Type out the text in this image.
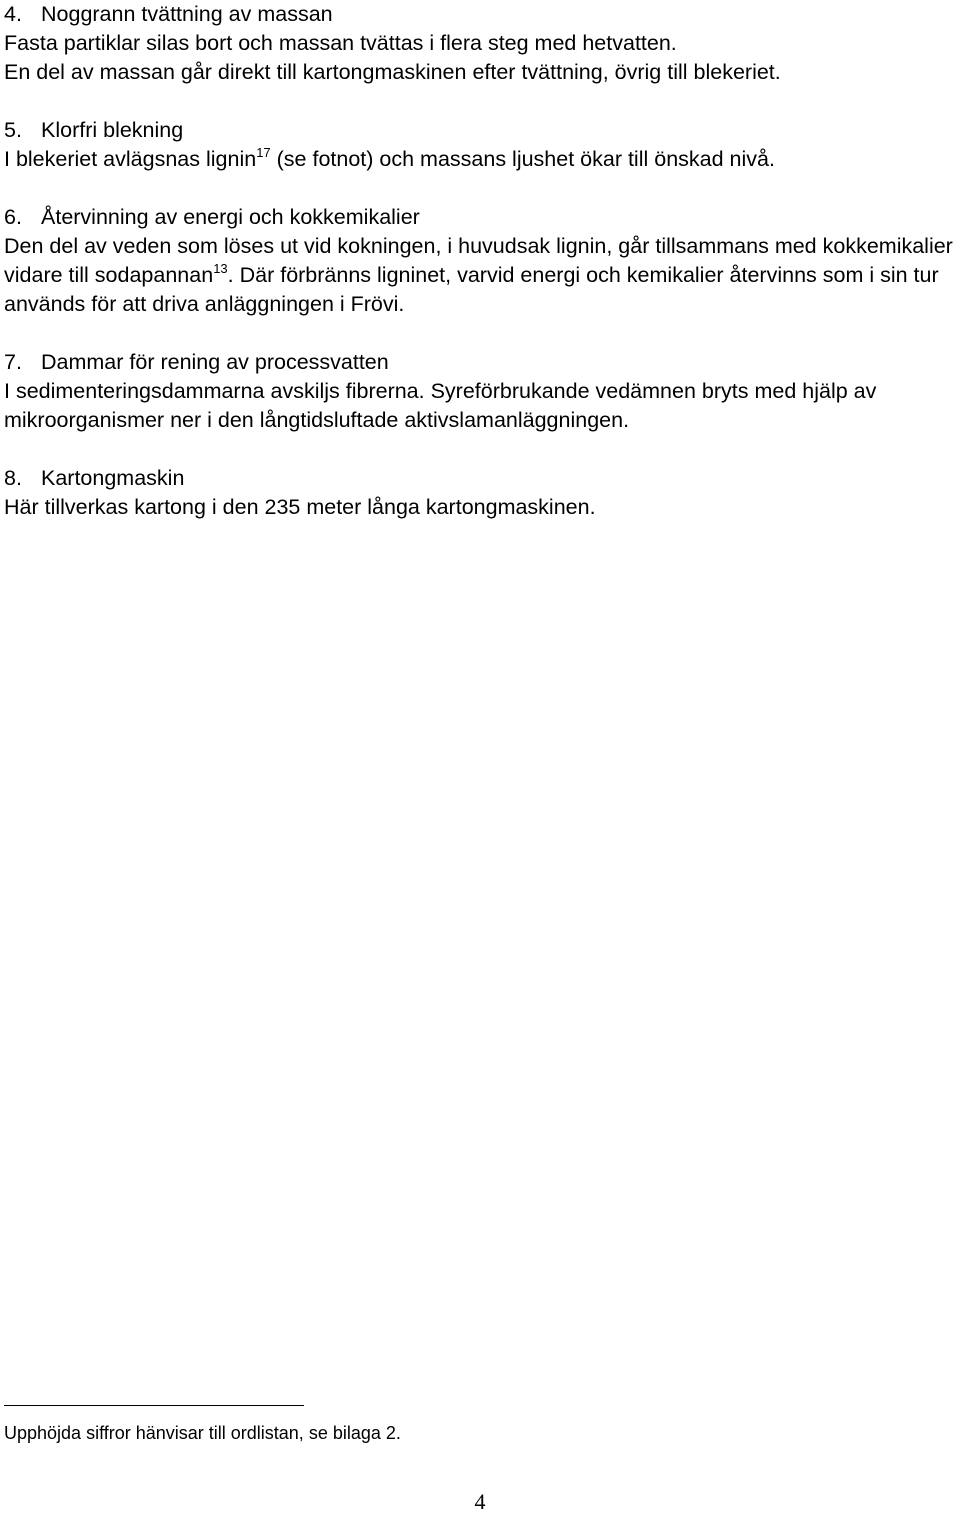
4. Noggrann tvättning av massan

Fasta partiklar silas bort och massan tvättas i flera steg med hetvatten.

En del av massan går direkt till kartongmaskinen efter tvättning, övrig till blekeriet.

5. Klorfri blekning

I blekeriet avlägsnas lignin$^{17}$ (se fotnot) och massans ljushet ökar till önskad nivå.

6. Återvinning av energi och kokkemikalier

Den del av veden som löses ut vid kokningen, i huvudsak lignin, går tillsammans med kokkemikalier vidare till sodapannan$^{13}$. Där förbränns ligninet, varvid energi och kemikalier återvinns som i sin tur används för att driva anläggningen i Frövi.

7. Dammar för rening av processvatten

I sedimenteringsdammarna avskiljs fibrerna. Syreförbrukande vedämnen bryts med hjälp av mikroorganismer ner i den långtidsluftade aktivslamanläggningen.

8. Kartongmaskin

Här tillverkas kartong i den 235 meter långa kartongmaskinen.

Upphöjda siffror hänvisar till ordlistan, se bilaga 2.

4
